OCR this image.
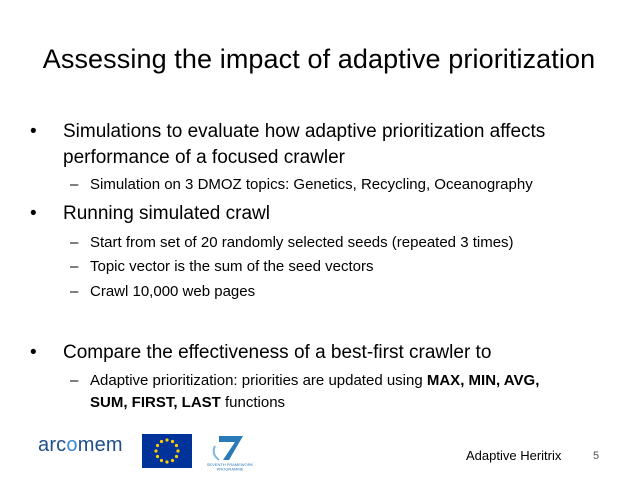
Assessing the impact of adaptive prioritization
• Simulations to evaluate how adaptive prioritization affects
performance of a focused crawler
– Simulation on 3 DMOZ topics: Genetics, Recycling, Oceanography
• Running simulated crawl
– Start from set of 20 randomly selected seeds (repeated 3 times)
– Topic vector is the sum of the seed vectors
– Crawl 10,000 web pages
• Compare the effectiveness of a best-first crawler to
– Adaptive prioritization: priorities are updated using MAX, MIN, AVG,
SUM, FIRST, LAST functions
arcomem
SEVENTH FRAMEWORK
PROGRAMME
Adaptive Heritrix	5
